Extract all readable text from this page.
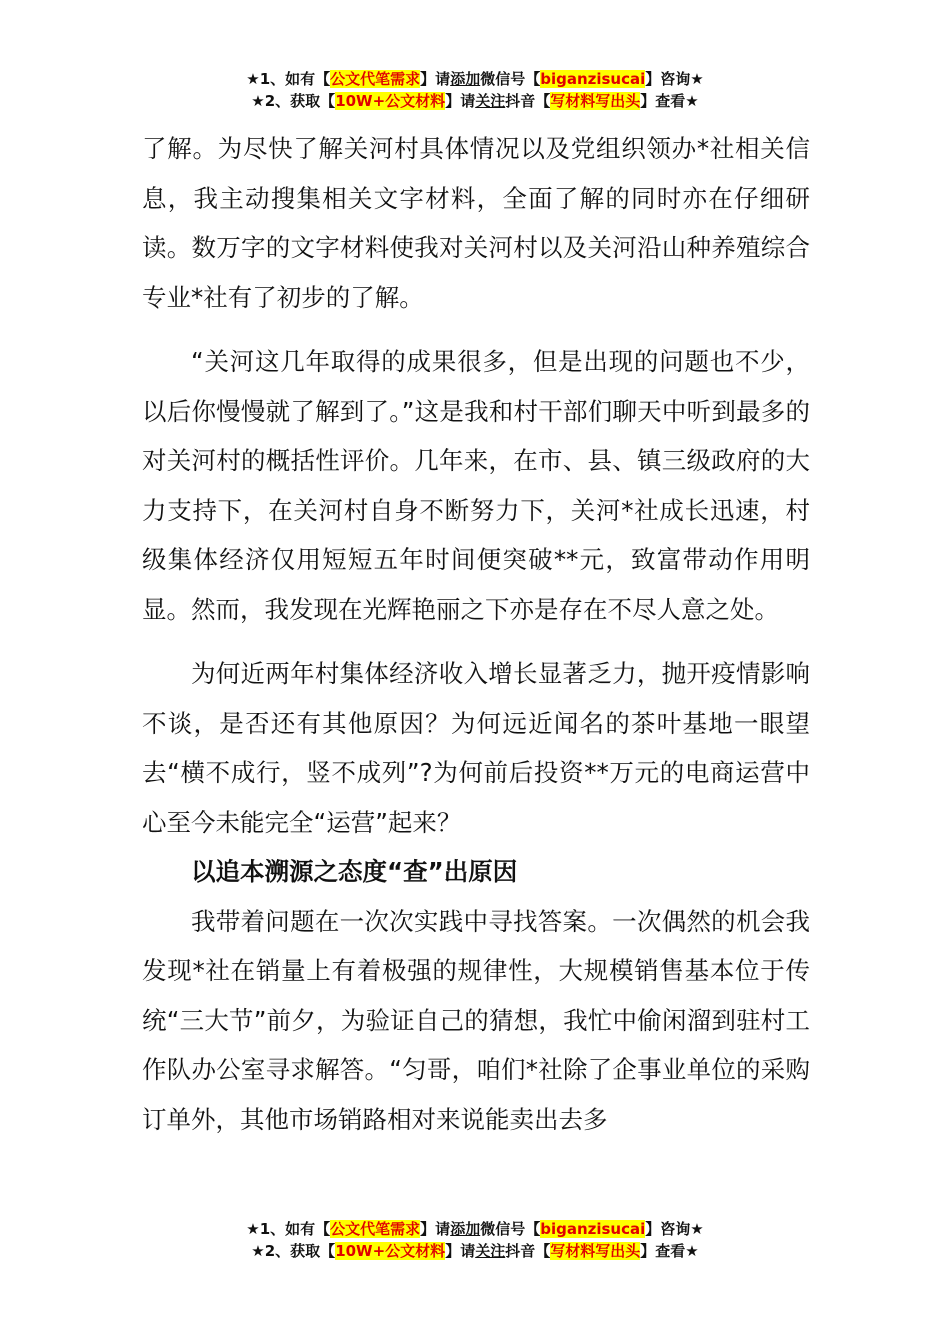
★1、如有【公文代笔需求】请添加微信号【biganzisucai】咨询★
★2、获取【10W+公文材料】请关注抖音【写材料写出头】查看★

了解。为尽快了解关河村具体情况以及党组织领办*社相关信息，我主动搜集相关文字材料，全面了解的同时亦在仔细研读。数万字的文字材料使我对关河村以及关河沿山种养殖综合专业*社有了初步的了解。

“关河这几年取得的成果很多，但是出现的问题也不少，以后你慢慢就了解到了。”这是我和村干部们聊天中听到最多的对关河村的概括性评价。几年来，在市、县、镇三级政府的大力支持下，在关河村自身不断努力下，关河*社成长迅速，村级集体经济仅用短短五年时间便突破**元，致富带动作用明显。然而，我发现在光辉艳丽之下亦是存在不尽人意之处。

为何近两年村集体经济收入增长显著乏力，抛开疫情影响不谈，是否还有其他原因？为何远近闻名的茶叶基地一眼望去“横不成行，竖不成列”?为何前后投资**万元的电商运营中心至今未能完全“运营”起来？

以追本溯源之态度“查”出原因

我带着问题在一次次实践中寻找答案。一次偶然的机会我发现*社在销量上有着极强的规律性，大规模销售基本位于传统“三大节”前夕，为验证自己的猜想，我忙中偷闲溜到驻村工作队办公室寻求解答。“匀哥，咱们*社除了企事业单位的采购订单外，其他市场销路相对来说能卖出去多

★1、如有【公文代笔需求】请添加微信号【biganzisucai】咨询★
★2、获取【10W+公文材料】请关注抖音【写材料写出头】查看★
